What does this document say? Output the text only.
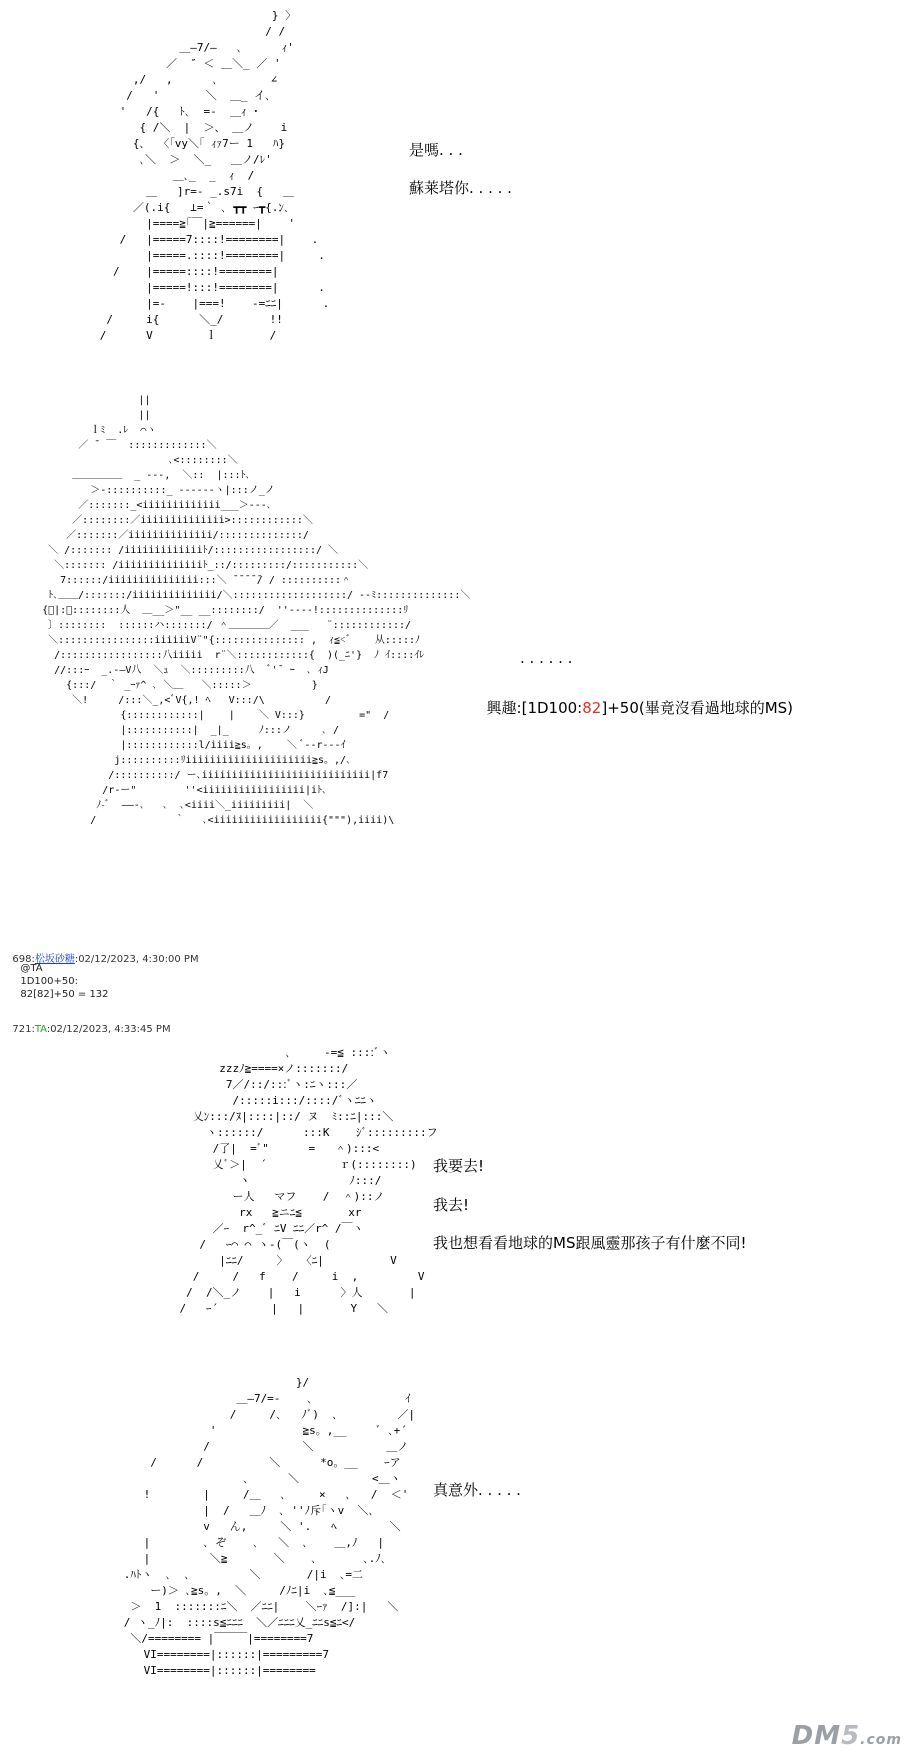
} 〉
/ /
＿―7/―   ､      ｨ'
／  ″ ＜ ＿＼_ ／ '
,/   ,      ､        ∠
/   '       ＼  ＿_ イ､
'   /{   ﾄ､  =-  ＿ｨ ･
{ /＼  |  ＞、 ＿ノ    i
{､  〈｢vy＼｢ ｨｧ7ー 1   ﾊ}
､＼  ＞  ＼_   ＿ノ/ﾚ'
＿､_  _  ｨ  /
＿   ]r=- _.s7i  {   ＿
／(.i{   ⊥=｀ ､ ┳┳ ｰ┳{.ﾝ､
|====≧｢￣|≧======|    '
/   |=====7::::!========|    .
|=====.::::!========|     .
/    |=====::::!========|
|=====!:::!========|      .
|=-    |===!    -=ﾆﾆ|      .
/     i{      ＼_/       !!
/      V        ｌ        /
是嗎. . .
蘇莱塔你. . . . .
||
||
ｌﾐ  .ﾚ  ⌒ヽ
／ ̄  ￣  :::::::::::::＼
､<::::::::＼
＿＿＿＿＿  _ ---,  ＼::  |:::ﾄ､
＞-::::::::::_ ------ヽ|:::ノ_ノ
／:::::::_<iiiiiiiiiiiii___＞---､
／::::::::／iiiiiiiiiiiiii>::::::::::::＼
／:::::::／iiiiiiiiiiiiii/::::::::::::::/
＼ /::::::: /iiiiiiiiiiiiiﾄ/:::::::::::::::::/ ＼
＼::::::: /iiiiiiiiiiiiiiﾄ_::/:::::::::/:::::::::::＼
7::::::/iiiiiiiiiiiiiii:::＼ ̄ ̄ ̄ ̄ ̄/ / ::::::::::＾
ﾄ､＿＿/:::::::/iiiiiiiiiiiiii/＼:::::::::::::::::::/ --ﾐ::::::::::::::＼
{ﾞ|:＼::::::::人  ＿__＞"__ __::::::::/  ''----!::::::::::::::ﾘ
〕::::::::  ::::::ハ:::::::/ ＾＿＿＿＿／  ___   ¨::::::::::::/
＼::::::::::::::::iiiiiiV¨"{::::::::::::::: ,  ｨ≦<ﾞ    从:::::ﾉ
/:::::::::::::::::八iiiii  r¨＼::::::::::::{  )(_ﾆ'}  ﾉ ｲ::::ｲﾚ
//:::ｰ  _.-―V八  ＼ｭ  ＼:::::::::八  ﾞ'¯ ｰ  ､ ｨJ
{:::/  ｀ _ｰｧ^ ､ ＼＿   ＼:::::＞          }
＼!     /:::＼_,<ﾞV{,! ﾍ   V:::/\          /
{::::::::::::|    |    ＼ V:::}         ="  /
|:::::::::::|  _|_     ﾉ:::ノ     ､ /
|::::::::::::l/iiii≧s。,    ＼ ﾞ--r---ｲ
j::::::::::ﾘiiiiiiiiiiiiiiiiiiiii≧s。,/､
/::::::::::/ ー､iiiiiiiiiiiiiiiiiiiiiiiiiiii|f7
/r-ー"        ''<iiiiiiiiiiiiiiiii|iﾄ､
ﾉ-ﾞ  ――-､   ､  ､<iiii＼_iiiiiiiii|  ＼
/             ｀   ､<iiiiiiiiiiiiiiiiii{"""),iiii)\
. . . . . .

興趣:[1D100:82]+50(畢竟沒看過地球的MS)

698:松坂砂糖:02/12/2023, 4:30:00 PM

@TA
1D100+50:
82[82]+50 = 132

721:TA:02/12/2023, 4:33:45 PM

､     -=≦ ::::ﾞヽ
zzzﾉ≧====×ノ:::::::/
7／/::/:::ﾞヽ:ﾆヽ:::／
/:::::i:::/::::/ﾞヽﾆﾆヽ
乂ﾝ:::/ﾇ|::::|::/ ヌ  ﾐ::ﾆ|:::＼
ヽ::::::/      :::K    ｼﾞ:::::::::フ
/了|  =ﾞ"      =   ＾):::<
乂ﾞ＞|  ´           ｒ(::::::::)
ヽ               ﾉ:::/
ー人   マフ    /  ＾)::ノ
rx   ≧ニﾆ≦       xr
／ｰ  r^_ﾞ ﾆV ﾆﾆ／r^ /￣ヽ
/   ｰ⌒ ⌒ ヽ-(￣(ヽ  (
|ﾆﾆ/     〉  〈ﾆ|          V
/     /   f    /     i  ,         V
/  /＼_ノ    |   i      〉人       |
/   ｰ´        |   |       Y   ＼
我要去!
我去!
我也想看看地球的MS跟風靈那孩子有什麼不同!
}/
＿―7/=-    ､              ｲ
/     /､   ﾉﾞ)  ､         ／|
'             ≧s。,__     ﾞ ､+´
/              ＼           ＿ノ
/      /          ＼      *o。__    ｰア
､      ＼           <＿ヽ
!        |     /＿   ､     ×   ､   /  ＜'
|  /   ＿ﾉ  ､ ''ﾉ斥｢ヽv  ＼､
v   ん,     ＼ '.   ﾍ        ＼
|        ､ ぞ    ､   ＼  ､    ＿,ﾉ   |
|         ＼≧       ＼    ､       ､.ﾉ､
.ﾊﾄヽ  ､  ､         ＼       /|i  ､=二
ー)＞ ､≧s。,  ＼     /ﾉﾆ|i  ､≦___
＞  1  :::::::ﾆ＼  ／ﾆﾆ|    ＼ｰｧ  /]:|   ＼
/ ヽ_ﾉ|:  ::::s≦ﾆﾆﾆ  ＼／ﾆﾆﾆ乂_ﾆﾆs≦ﾆ</
＼/======== |￣￣￣|========7
VI========|::::::|=========7
VI========|::::::|========
真意外. . . . .
DM5.com
